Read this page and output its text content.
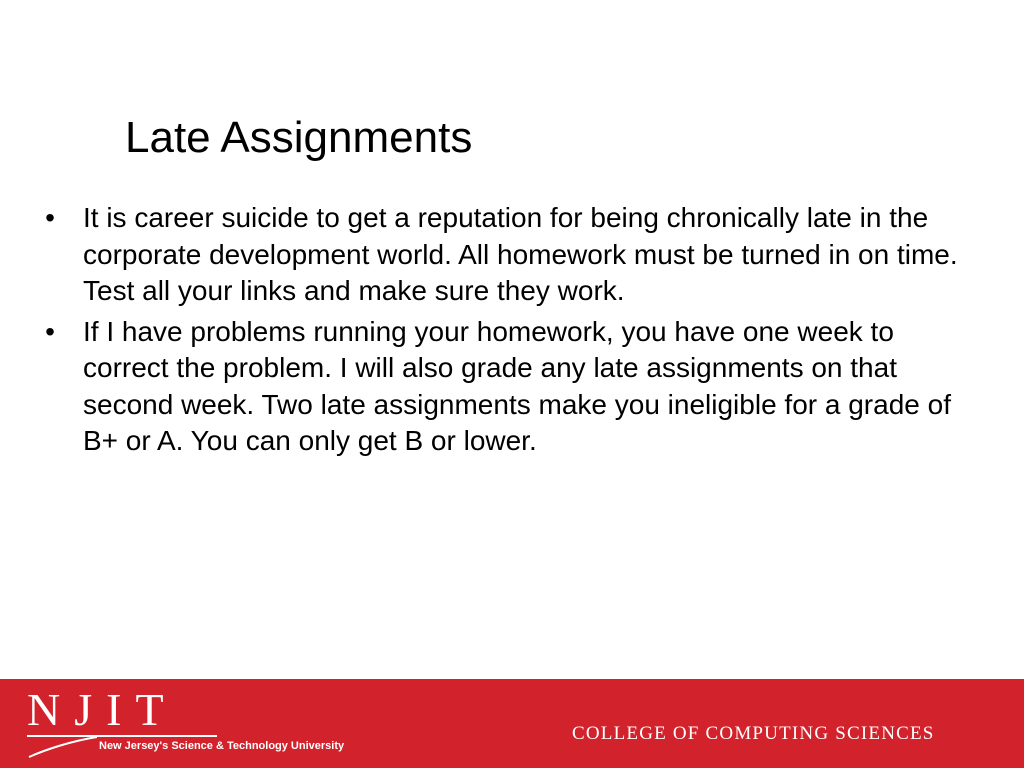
Late Assignments
• It is career suicide to get a reputation for being chronically late in the corporate development world. All homework must be turned in on time. Test all your links and make sure they work.
• If I have problems running your homework, you have one week to correct the problem. I will also grade any late assignments on that second week. Two late assignments make you ineligible for a grade of B+ or A. You can only get B or lower.
NJIT
New Jersey's Science & Technology University
COLLEGE OF COMPUTING SCIENCES
